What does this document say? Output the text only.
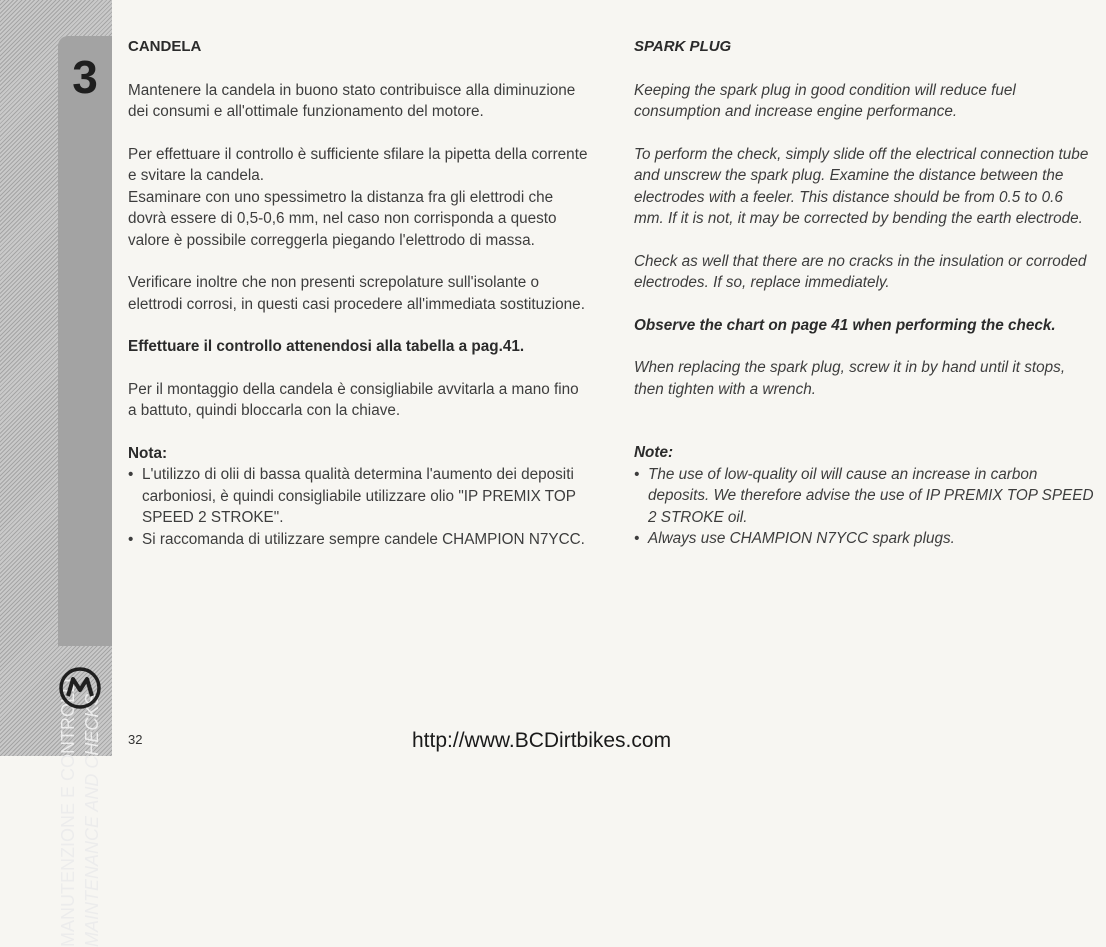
3
MANUTENZIONE E CONTROLLI MAINTENANCE AND CHECKS
CANDELA

Mantenere la candela in buono stato contribuisce alla diminuzione dei consumi e all'ottimale funzionamento del motore.

Per effettuare il controllo è sufficiente sfilare la pipetta della corrente e svitare la candela.

Esaminare con uno spessimetro la distanza fra gli elettrodi che dovrà essere di 0,5-0,6 mm, nel caso non corrisponda a questo valore è possibile correggerla piegando l'elettrodo di massa.

Verificare inoltre che non presenti screpolature sull'isolante o elettrodi corrosi, in questi casi procedere all'immediata sostituzione.

Effettuare il controllo attenendosi alla tabella a pag.41.

Per il montaggio della candela è consigliabile avvitarla a mano fino a battuto, quindi bloccarla con la chiave.

Nota:

• L'utilizzo di olii di bassa qualità determina l'aumento dei depositi carboniosi, è quindi consigliabile utilizzare olio "IP PREMIX TOP SPEED 2 STROKE".
• Si raccomanda di utilizzare sempre candele CHAMPION N7YCC.
SPARK PLUG

Keeping the spark plug in good condition will reduce fuel consumption and increase engine performance.

To perform the check, simply slide off the electrical connection tube and unscrew the spark plug. Examine the distance between the electrodes with a feeler. This distance should be from 0.5 to 0.6 mm. If it is not, it may be corrected by bending the earth electrode.

Check as well that there are no cracks in the insulation or corroded electrodes. If so, replace immediately.

Observe the chart on page 41 when performing the check.

When replacing the spark plug, screw it in by hand until it stops, then tighten with a wrench.

Note:

• The use of low-quality oil will cause an increase in carbon deposits. We therefore advise the use of IP PREMIX TOP SPEED 2 STROKE oil.
• Always use CHAMPION N7YCC spark plugs.
32	http://www.BCDirtbikes.com
